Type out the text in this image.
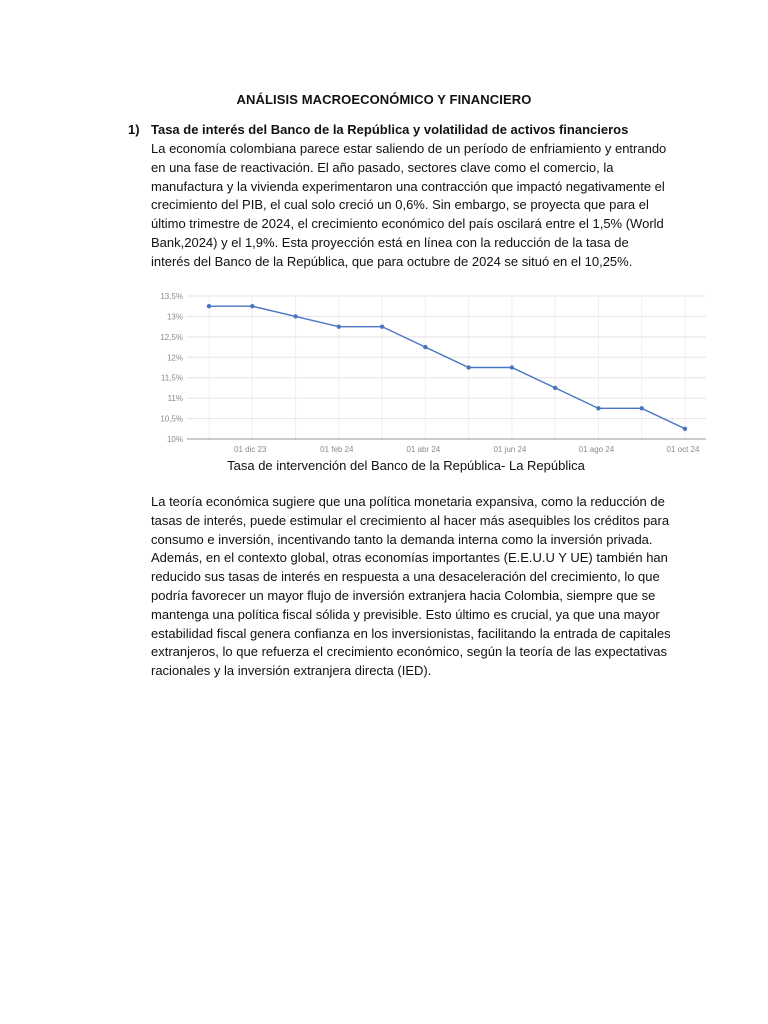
ANÁLISIS MACROECONÓMICO Y FINANCIERO
1) Tasa de interés del Banco de la República y volatilidad de activos financieros
La economía colombiana parece estar saliendo de un período de enfriamiento y entrando en una fase de reactivación. El año pasado, sectores clave como el comercio, la manufactura y la vivienda experimentaron una contracción que impactó negativamente el crecimiento del PIB, el cual solo creció un 0,6%. Sin embargo, se proyecta que para el último trimestre de 2024, el crecimiento económico del país oscilará entre el 1,5% (World Bank,2024) y el 1,9%. Esta proyección está en línea con la reducción de la tasa de interés del Banco de la República, que para octubre de 2024 se situó en el 10,25%.
10%
10,5%
11%
11,5%
12%
12,5%
13%
13,5%
01 dic 23	01 feb 24	01 abr 24	01 jun 24	01 ago 24	01 oct 24
Tasa de intervención del Banco de la República- La República
La teoría económica sugiere que una política monetaria expansiva, como la reducción de tasas de interés, puede estimular el crecimiento al hacer más asequibles los créditos para consumo e inversión, incentivando tanto la demanda interna como la inversión privada. Además, en el contexto global, otras economías importantes (E.E.U.U Y UE) también han reducido sus tasas de interés en respuesta a una desaceleración del crecimiento, lo que podría favorecer un mayor flujo de inversión extranjera hacia Colombia, siempre que se mantenga una política fiscal sólida y previsible. Esto último es crucial, ya que una mayor estabilidad fiscal genera confianza en los inversionistas, facilitando la entrada de capitales extranjeros, lo que refuerza el crecimiento económico, según la teoría de las expectativas racionales y la inversión extranjera directa (IED).
